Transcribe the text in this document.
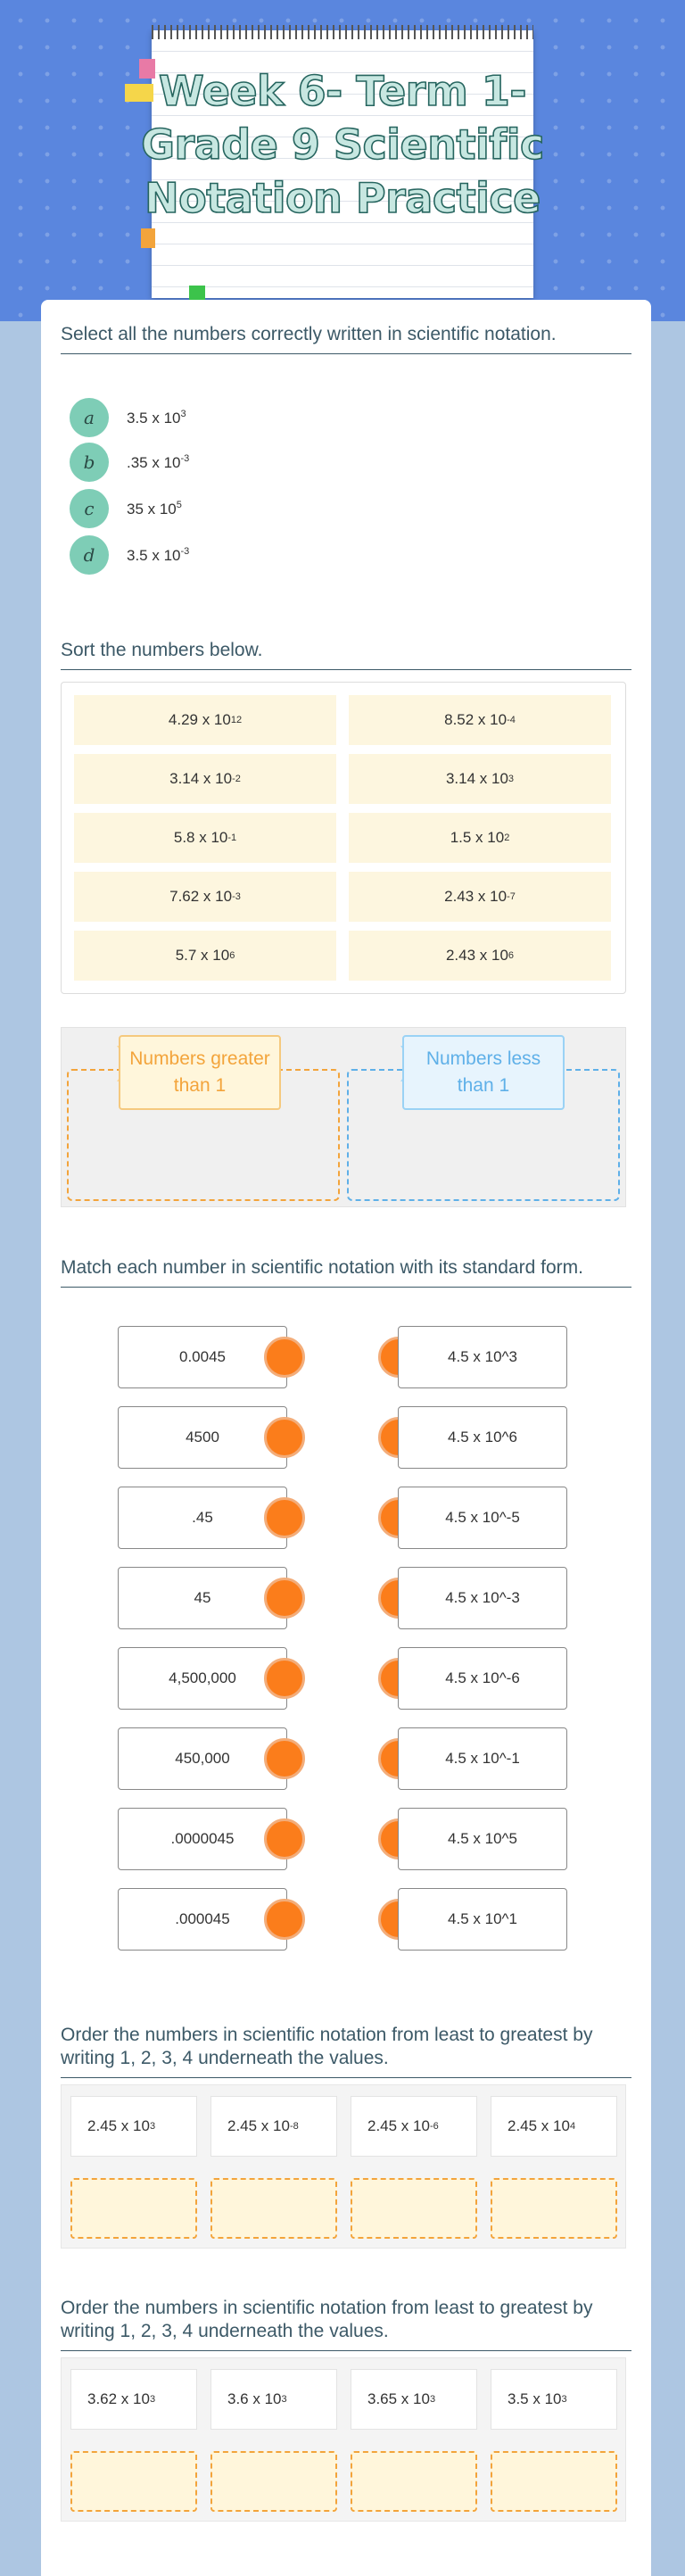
Week 6- Term 1-
Grade 9 Scientific
Notation Practice
Select all the numbers correctly written in scientific notation.
a	3.5 x $10^3$
b	.35 x $10^{-3}$
c	35 x $10^5$
d	3.5 x $10^{-3}$
Sort the numbers below.
4.29 x 10 12	8.52 x 10 -4
3.14 x 10 -2	3.14 x 10 3
5.8 x 10 -1	1.5 x 10 2
7.62 x 10 -3	2.43 x 10 -7
5.7 x 10 6	2.43 x 10 6
Numbers greater than 1
Numbers less than 1
Match each number in scientific notation with its standard form.
0.0045	4.5 x 10^3
4500	4.5 x 10^6
.45	4.5 x 10^-5
45	4.5 x 10^-3
4,500,000	4.5 x 10^-6
450,000	4.5 x 10^-1
.0000045	4.5 x 10^5
.000045	4.5 x 10^1
Order the numbers in scientific notation from least to greatest by writing 1, 2, 3, 4 underneath the values.
2.45 x 10 3	2.45 x 10 -8	2.45 x 10 -6	2.45 x 10 4
Order the numbers in scientific notation from least to greatest by writing 1, 2, 3, 4 underneath the values.
3.62 x 10 3	3.6 x 10 3	3.65 x 10 3	3.5 x 10 3
